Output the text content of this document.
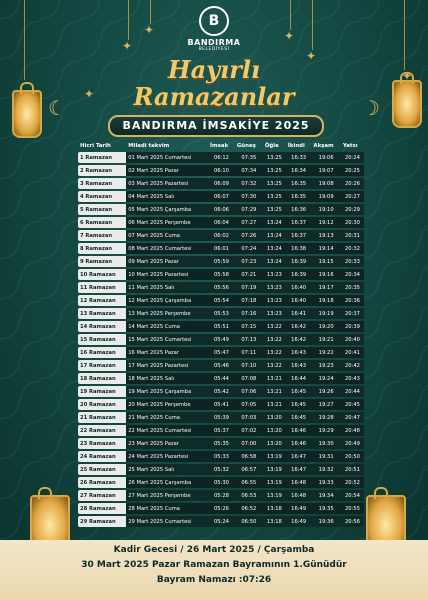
✦
✦	✦
✦
✦
☾	☽
B
BANDIRMA
BELEDİYESİ
Hayırlı
Ramazanlar
BANDIRMA İMSAKİYE 2025
Hicri Tarih	Miladi takvim	İmsak	Güneş	Öğle	İkindi	Akşam	Yatsı
1 Ramazan	01 Mart 2025 Cumartesi	06:12	07:35	13:25	16:33	19:06	20:24
2 Ramazan	02 Mart 2025 Pazar	06:10	07:34	13:25	16:34	19:07	20:25
3 Ramazan	03 Mart 2025 Pazartesi	06:09	07:32	13:25	16:35	19:08	20:26
4 Ramazan	04 Mart 2025 Salı	06:07	07:30	13:25	16:35	19:09	20:27
5 Ramazan	05 Mart 2025 Çarşamba	06:06	07:29	13:25	16:36	19:10	20:29
6 Ramazan	06 Mart 2025 Perşembe	06:04	07:27	13:24	16:37	19:12	20:30
7 Ramazan	07 Mart 2025 Cuma	06:02	07:26	13:24	16:37	19:13	20:31
8 Ramazan	08 Mart 2025 Cumartesi	06:01	07:24	13:24	16:38	19:14	20:32
9 Ramazan	09 Mart 2025 Pazar	05:59	07:23	13:24	16:39	19:15	20:33
10 Ramazan	10 Mart 2025 Pazartesi	05:58	07:21	13:23	16:39	19:16	20:34
11 Ramazan	11 Mart 2025 Salı	05:56	07:19	13:23	16:40	19:17	20:35
12 Ramazan	12 Mart 2025 Çarşamba	05:54	07:18	13:23	16:40	19:18	20:36
13 Ramazan	13 Mart 2025 Perşembe	05:53	07:16	13:23	16:41	19:19	20:37
14 Ramazan	14 Mart 2025 Cuma	05:51	07:15	13:22	16:42	19:20	20:39
15 Ramazan	15 Mart 2025 Cumartesi	05:49	07:13	13:22	16:42	19:21	20:40
16 Ramazan	16 Mart 2025 Pazar	05:47	07:11	13:22	16:43	19:22	20:41
17 Ramazan	17 Mart 2025 Pazartesi	05:46	07:10	13:22	16:43	19:23	20:42
18 Ramazan	18 Mart 2025 Salı	05:44	07:08	13:21	16:44	19:24	20:43
19 Ramazan	19 Mart 2025 Çarşamba	05:42	07:06	13:21	16:45	19:26	20:44
20 Ramazan	20 Mart 2025 Perşembe	05:41	07:05	13:21	16:45	19:27	20:45
21 Ramazan	21 Mart 2025 Cuma	05:39	07:03	13:20	16:45	19:28	20:47
22 Ramazan	22 Mart 2025 Cumartesi	05:37	07:02	13:20	16:46	19:29	20:48
23 Ramazan	23 Mart 2025 Pazar	05:35	07:00	13:20	16:46	19:30	20:49
24 Ramazan	24 Mart 2025 Pazartesi	05:33	06:58	13:19	16:47	19:31	20:50
25 Ramazan	25 Mart 2025 Salı	05:32	06:57	13:19	16:47	19:32	20:51
26 Ramazan	26 Mart 2025 Çarşamba	05:30	06:55	13:19	16:48	19:33	20:52
27 Ramazan	27 Mart 2025 Perşembe	05:28	06:53	13:19	16:48	19:34	20:54
28 Ramazan	28 Mart 2025 Cuma	05:26	06:52	13:18	16:49	19:35	20:55
29 Ramazan	29 Mart 2025 Cumartesi	05:24	06:50	13:18	16:49	19:36	20:56
Kadir Gecesi / 26 Mart 2025 / Çarşamba
30 Mart 2025 Pazar Ramazan Bayramının 1.Günüdür
Bayram Namazı :07:26
